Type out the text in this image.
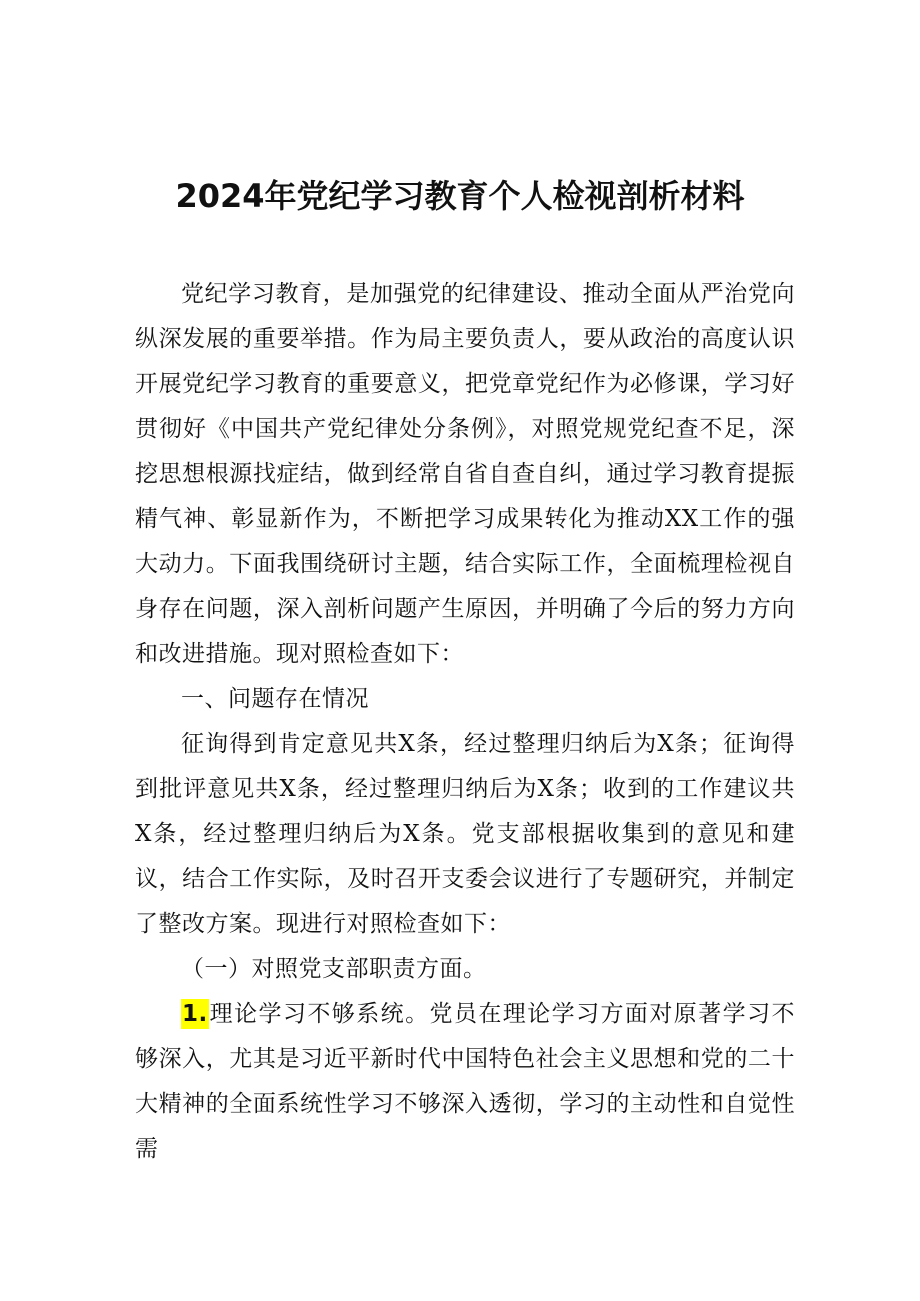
2024年党纪学习教育个人检视剖析材料

党纪学习教育，是加强党的纪律建设、推动全面从严治党向纵深发展的重要举措。作为局主要负责人，要从政治的高度认识开展党纪学习教育的重要意义，把党章党纪作为必修课，学习好贯彻好《中国共产党纪律处分条例》，对照党规党纪查不足，深挖思想根源找症结，做到经常自省自查自纠，通过学习教育提振精气神、彰显新作为，不断把学习成果转化为推动XX工作的强大动力。下面我围绕研讨主题，结合实际工作，全面梳理检视自身存在问题，深入剖析问题产生原因，并明确了今后的努力方向和改进措施。现对照检查如下：

一、问题存在情况

征询得到肯定意见共X条，经过整理归纳后为X条；征询得到批评意见共X条，经过整理归纳后为X条；收到的工作建议共X条，经过整理归纳后为X条。党支部根据收集到的意见和建议，结合工作实际，及时召开支委会议进行了专题研究，并制定了整改方案。现进行对照检查如下：

（一）对照党支部职责方面。

1.理论学习不够系统。党员在理论学习方面对原著学习不够深入，尤其是习近平新时代中国特色社会主义思想和党的二十大精神的全面系统性学习不够深入透彻，学习的主动性和自觉性需
